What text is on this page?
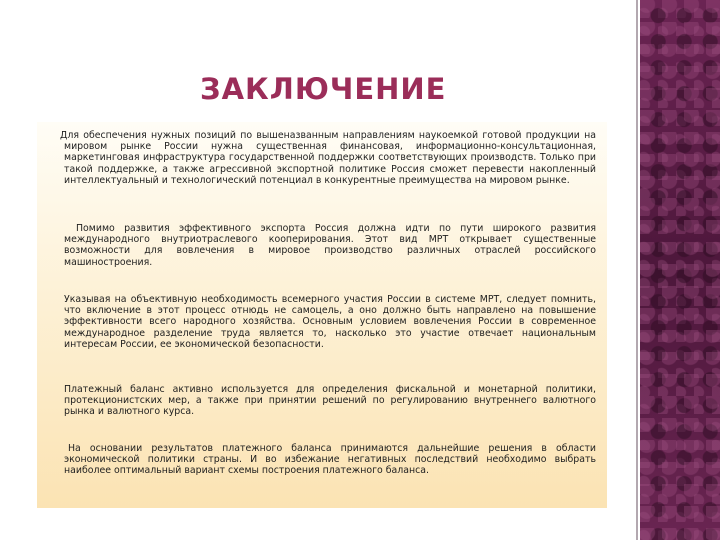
ЗАКЛЮЧЕНИЕ

Для обеспечения нужных позиций по вышеназванным направлениям наукоемкой готовой продукции на мировом рынке России нужна существенная финансовая, информационно-консультационная, маркетинговая инфраструктура государственной поддержки соответствующих производств. Только при такой поддержке, а также агрессивной экспортной политике Россия сможет перевести накопленный интеллектуальный и технологический потенциал в конкурентные преимущества на мировом рынке.

Помимо развития эффективного экспорта Россия должна идти по пути широкого развития международного внутриотраслевого кооперирования. Этот вид МРТ открывает существенные возможности для вовлечения в мировое производство различных отраслей российского машиностроения.

Указывая на объективную необходимость всемерного участия России в системе МРТ, следует помнить, что включение в этот процесс отнюдь не самоцель, а оно должно быть направлено на повышение эффективности всего народного хозяйства. Основным условием вовлечения России в современное международное разделение труда является то, насколько это участие отвечает национальным интересам России, ее экономической безопасности.

Платежный баланс активно используется для определения фискальной и монетарной политики, протекционистских мер, а также при принятии решений по регулированию внутреннего валютного рынка и валютного курса.

На основании результатов платежного баланса принимаются дальнейшие решения в области экономической политики страны. И во избежание негативных последствий необходимо выбрать наиболее оптимальный вариант схемы построения платежного баланса.
